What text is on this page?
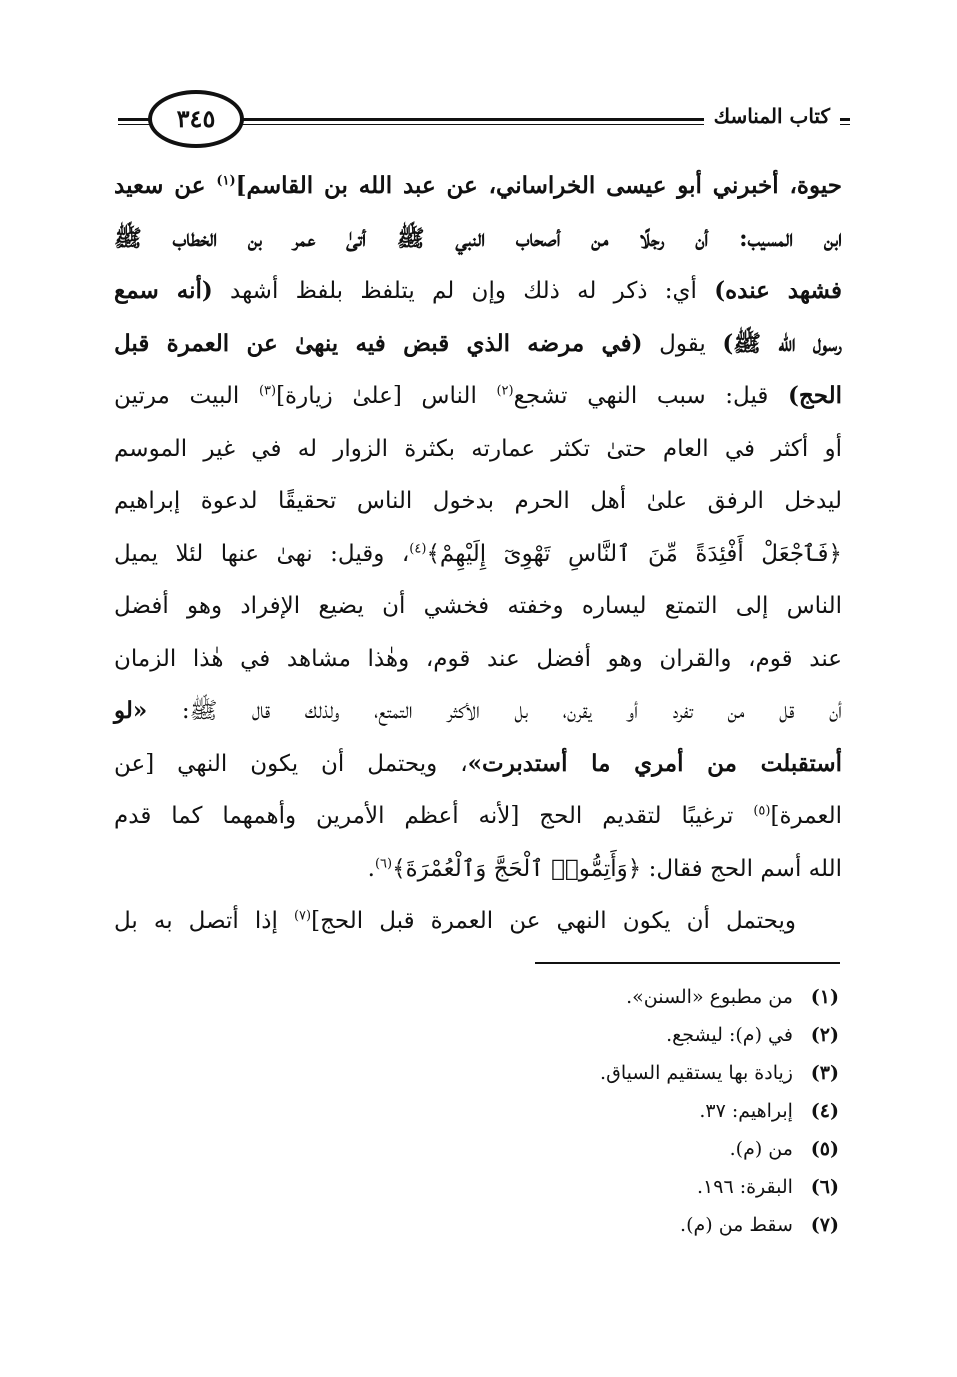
٣٤٥	كتاب المناسك
حيوة، أخبرني أبو عيسى الخراساني، عن عبد الله بن القاسم]$^{(١)}$ عن سعيد
ابن المسيب: أن رجلًا من أصحاب النبي ﷺ أتىٰ عمر بن الخطاب ﷺ
فشهد عنده) أي: ذكر له ذلك وإن لم يتلفظ بلفظ أشهد (أنه سمع
رسول الله ﷺ) يقول (في مرضه الذي قبض فيه ينهىٰ عن العمرة قبل
الحج) قيل: سبب النهي تشجع$^{(٢)}$ الناس [علىٰ زيارة]$^{(٣)}$ البيت مرتين
أو أكثر في العام حتىٰ تكثر عمارته بكثرة الزوار له في غير الموسم
ليدخل الرفق علىٰ أهل الحرم بدخول الناس تحقيقًا لدعوة إبراهيم
﴿فَٱجْعَلْ أَفْئِدَةً مِّنَ ٱلنَّاسِ تَهْوِىٓ إِلَيْهِمْ﴾$^{(٤)}$، وقيل: نهىٰ عنها لئلا يميل
الناس إلى التمتع ليساره وخفته فخشي أن يضيع الإفراد وهو أفضل
عند قوم، والقران وهو أفضل عند قوم، وهٰذا مشاهد في هٰذا الزمان
أن قل من تفرد أو يقرن، بل الأكثر التمتع، ولذلك قال ﷺ: «لو
أستقبلت من أمري ما أستدبرت»، ويحتمل أن يكون النهي [عن
العمرة]$^{(٥)}$ ترغيبًا لتقديم الحج [لأنه أعظم الأمرين وأهمهما كما قدم
الله أسم الحج فقال: ﴿وَأَتِمُّوا۟ ٱلْحَجَّ وَٱلْعُمْرَةَ﴾$^{(٦)}$.
ويحتمل أن يكون النهي عن العمرة قبل الحج]$^{(٧)}$ إذا أتصل به بل
(١) من مطبوع «السنن».
(٢) في (م): ليشجع.
(٣) زيادة بها يستقيم السياق.
(٤) إبراهيم: ٣٧.
(٥) من (م).
(٦) البقرة: ١٩٦.
(٧) سقط من (م).
